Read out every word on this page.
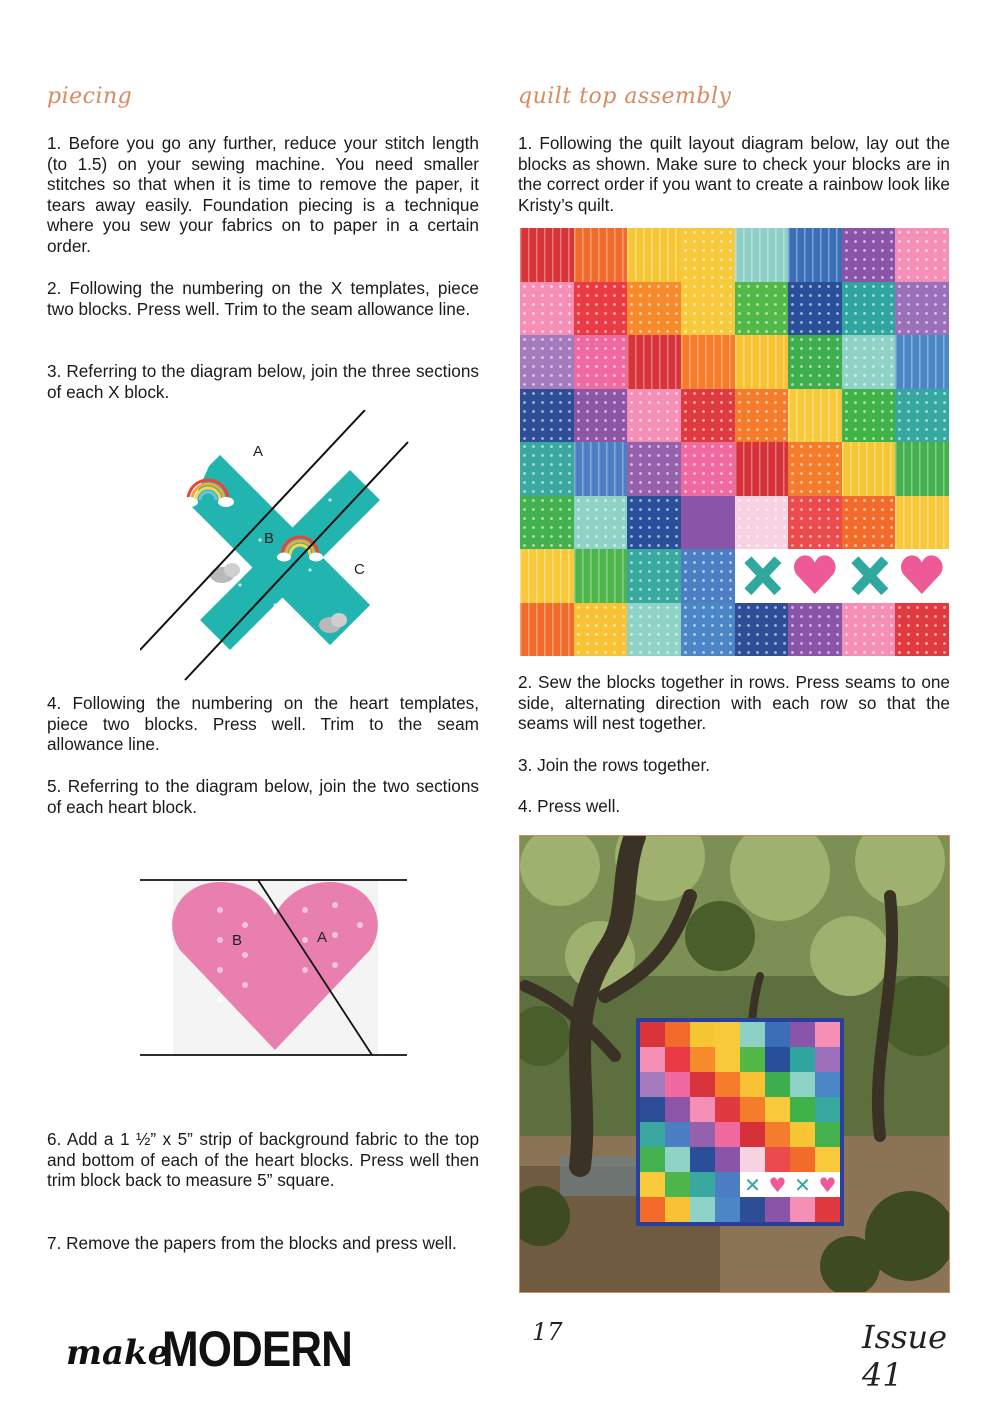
piecing

1. Before you go any further, reduce your stitch length (to 1.5) on your sewing machine. You need smaller stitches so that when it is time to remove the paper, it tears away easily. Foundation piecing is a technique where you sew your fabrics on to paper in a certain order.

2. Following the numbering on the X templates, piece two blocks. Press well. Trim to the seam allowance line.

3. Referring to the diagram below, join the three sections of each X block.

A
B
C

4. Following the numbering on the heart templates, piece two blocks. Press well. Trim to the seam allowance line.

5. Referring to the diagram below, join the two sections of each heart block.

B	A

6. Add a 1 ½” x 5” strip of background fabric to the top and bottom of each of the heart blocks. Press well then trim block back to measure 5” square.

7. Remove the papers from the blocks and press well.

quilt top assembly

1. Following the quilt layout diagram below, lay out the blocks as shown. Make sure to check your blocks are in the correct order if you want to create a rainbow look like Kristy’s quilt.

2. Sew the blocks together in rows. Press seams to one side, alternating direction with each row so that the seams will nest together.

3. Join the rows together.

4. Press well.

✕ ♥ ✕ ♥
make
MODERN	17	Issue 41
